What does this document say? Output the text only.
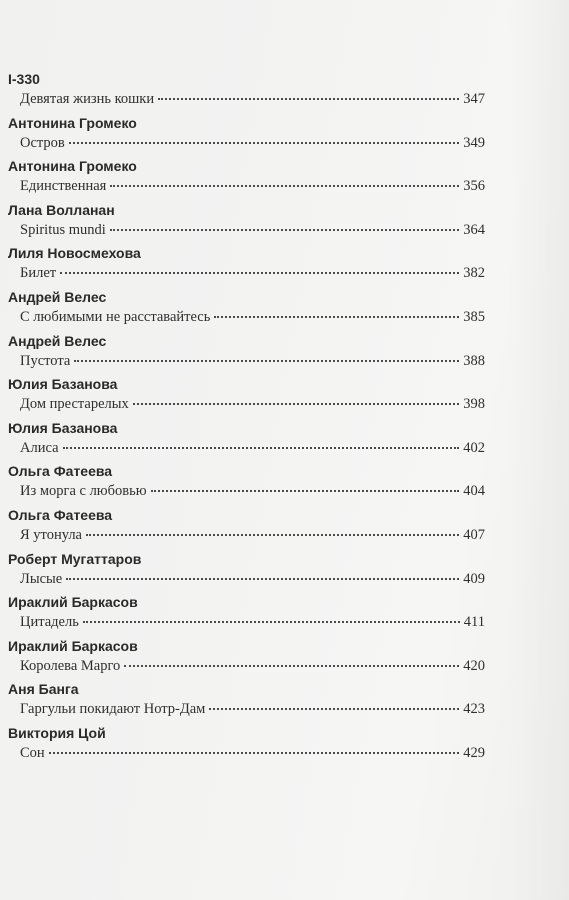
I-330
Девятая жизнь кошки	347
Антонина Громеко
Остров	349
Антонина Громеко
Единственная	356
Лана Волланан
Spiritus mundi	364
Лиля Новосмехова
Билет	382
Андрей Велес
С любимыми не расставайтесь	385
Андрей Велес
Пустота	388
Юлия Базанова
Дом престарелых	398
Юлия Базанова
Алиса	402
Ольга Фатеева
Из морга с любовью	404
Ольга Фатеева
Я утонула	407
Роберт Мугаттаров
Лысые	409
Ираклий Баркасов
Цитадель	411
Ираклий Баркасов
Королева Марго	420
Аня Банга
Гаргульи покидают Нотр-Дам	423
Виктория Цой
Сон	429
